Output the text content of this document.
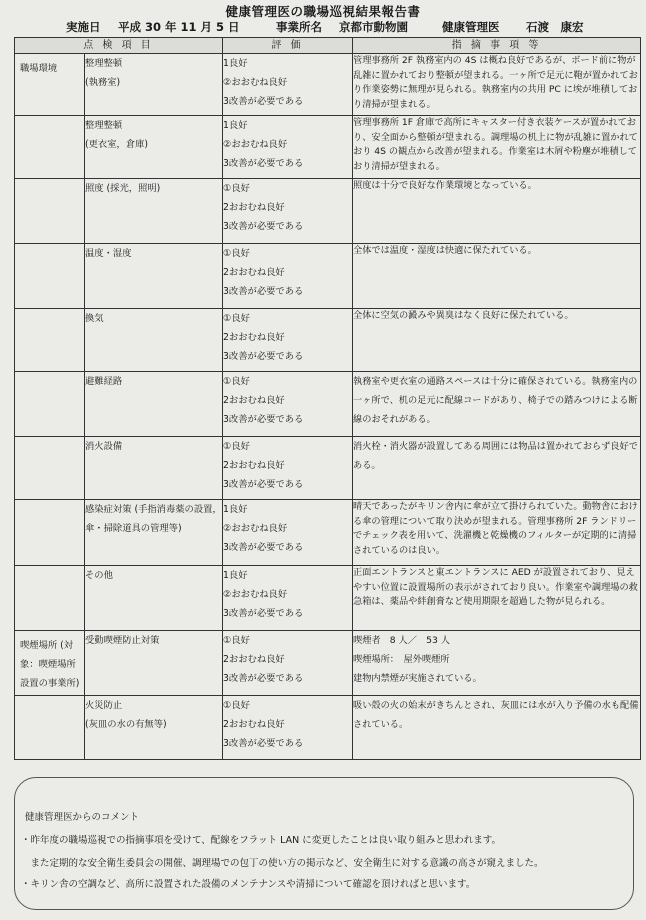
健康管理医の職場巡視結果報告書
実施日 平成 30 年 11 月 5 日	事業所名 京都市動物園	健康管理医 石渡　康宏
点 検 項 目		評 価	指 摘 事 項 等

職場環境	整理整頓
(執務室)	1良好
②おおむね良好
3改善が必要である	管理事務所 2F 執務室内の 4S は概ね良好であるが、ボード前に物が乱雑に置かれており整頓が望まれる。一ヶ所で足元に鞄が置かれており作業姿勢に無理が見られる。執務室内の共用 PC に埃が堆積しており清掃が望まれる。

	整理整頓
(更衣室，倉庫)	1良好
②おおむね良好
3改善が必要である	管理事務所 1F 倉庫で高所にキャスター付き衣装ケースが置かれており、安全面から整頓が望まれる。調理場の机上に物が乱雑に置かれており 4S の観点から改善が望まれる。作業室は木屑や粉塵が堆積しており清掃が望まれる。

	照度 (採光，照明)	①良好
2おおむね良好
3改善が必要である	照度は十分で良好な作業環境となっている。

	温度・湿度	①良好
2おおむね良好
3改善が必要である	全体では温度・湿度は快適に保たれている。

	換気	①良好
2おおむね良好
3改善が必要である	全体に空気の澱みや異臭はなく良好に保たれている。

	避難経路	①良好
2おおむね良好
3改善が必要である	執務室や更衣室の通路スペースは十分に確保されている。執務室内の一ヶ所で、机の足元に配線コードがあり、椅子での踏みつけによる断線のおそれがある。

	消火設備	①良好
2おおむね良好
3改善が必要である	消火栓・消火器が設置してある周囲には物品は置かれておらず良好である。

	感染症対策 (手指消毒薬の設置，傘・掃除道具の管理等)	1良好
②おおむね良好
3改善が必要である	晴天であったがキリン舎内に傘が立て掛けられていた。動物舎における傘の管理について取り決めが望まれる。管理事務所 2F ランドリーでチェック表を用いて、洗濯機と乾燥機のフィルターが定期的に清掃されているのは良い。

	その他	1良好
②おおむね良好
3改善が必要である	正面エントランスと東エントランスに AED が設置されており、見えやすい位置に設置場所の表示がされており良い。作業室や調理場の救急箱は、薬品や絆創膏など使用期限を超過した物が見られる。

喫煙場所 (対象：喫煙場所設置の事業所)	受動喫煙防止対策	①良好
2おおむね良好
3改善が必要である	喫煙者　8 人／　53 人
喫煙場所：　屋外喫煙所
建物内禁煙が実施されている。

	火災防止
(灰皿の水の有無等)	①良好
2おおむね良好
3改善が必要である	吸い殻の火の始末がきちんとされ、灰皿には水が入り予備の水も配備されている。
健康管理医からのコメント
・昨年度の職場巡視での指摘事項を受けて、配線をフラット LAN に変更したことは良い取り組みと思われます。
　また定期的な安全衛生委員会の開催、調理場での包丁の使い方の掲示など、安全衛生に対する意識の高さが窺えました。
・キリン舎の空調など、高所に設置された設備のメンテナンスや清掃について確認を頂ければと思います。
